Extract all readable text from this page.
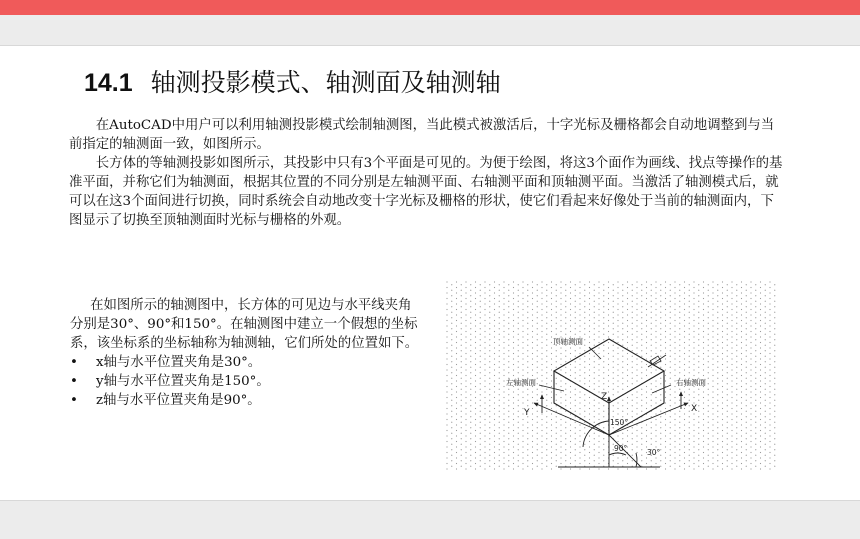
14.1 轴测投影模式、轴测面及轴测轴

在AutoCAD中用户可以利用轴测投影模式绘制轴测图，当此模式被激活后，十字光标及栅格都会自动地调整到与当前指定的轴测面一致，如图所示。

长方体的等轴测投影如图所示，其投影中只有3个平面是可见的。为便于绘图，将这3个面作为画线、找点等操作的基准平面，并称它们为轴测面，根据其位置的不同分别是左轴测平面、右轴测平面和顶轴测平面。当激活了轴测模式后，就可以在这3个面间进行切换，同时系统会自动地改变十字光标及栅格的形状，使它们看起来好像处于当前的轴测面内，下图显示了切换至顶轴测面时光标与栅格的外观。

在如图所示的轴测图中，长方体的可见边与水平线夹角分别是30°、90°和150°。在轴测图中建立一个假想的坐标系，该坐标系的坐标轴称为轴测轴，它们所处的位置如下。

• x轴与水平位置夹角是30°。
• y轴与水平位置夹角是150°。
• z轴与水平位置夹角是90°。
顶轴测面
左轴测面	右轴测面
X
Y
Z
150°
90°	30°
